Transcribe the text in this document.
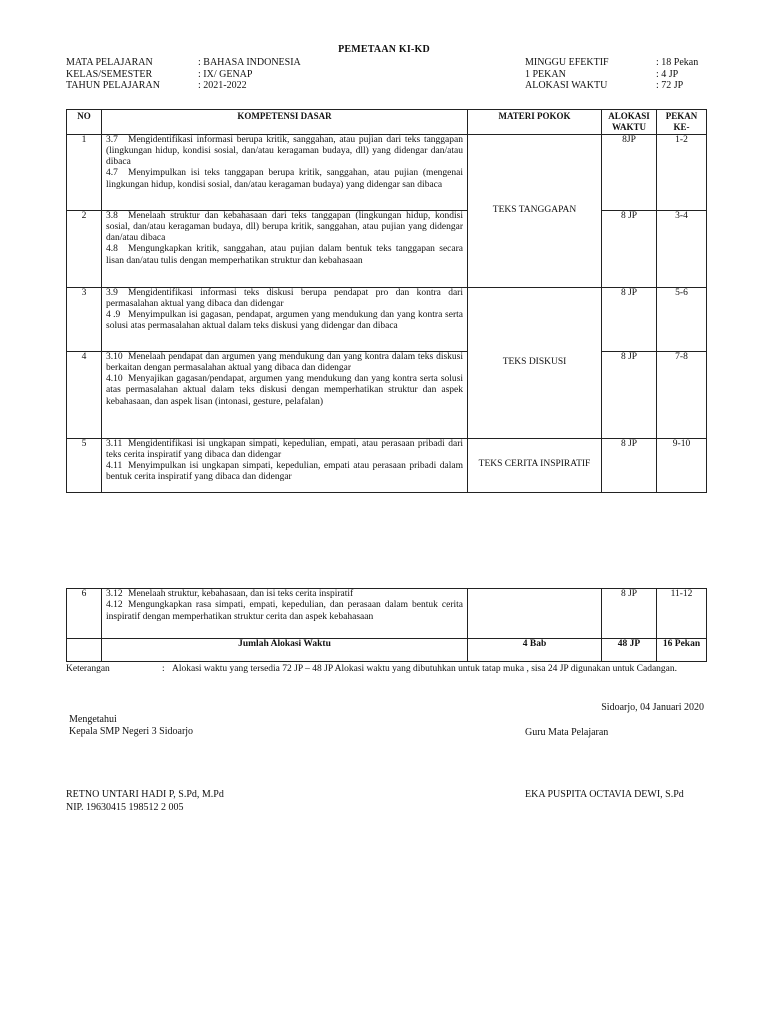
PEMETAAN KI-KD
MATA PELAJARAN	: BAHASA INDONESIA
KELAS/SEMESTER	: IX/ GENAP
TAHUN PELAJARAN	: 2021-2022
MINGGU EFEKTIF	: 18 Pekan
1 PEKAN	: 4 JP
ALOKASI WAKTU	: 72 JP
NO	KOMPETENSI DASAR	MATERI POKOK	ALOKASI WAKTU	PEKAN KE-
1	3.7 Mengidentifikasi informasi berupa kritik, sanggahan, atau pujian dari teks tanggapan (lingkungan hidup, kondisi sosial, dan/atau keragaman budaya, dll) yang didengar dan/atau dibaca
4.7 Menyimpulkan isi teks tanggapan berupa kritik, sanggahan, atau pujian (mengenai lingkungan hidup, kondisi sosial, dan/atau keragaman budaya) yang didengar san dibaca	TEKS TANGGAPAN	8JP	1-2
2	3.8 Menelaah struktur dan kebahasaan dari teks tanggapan (lingkungan hidup, kondisi sosial, dan/atau keragaman budaya, dll) berupa kritik, sanggahan, atau pujian yang didengar dan/atau dibaca
4.8 Mengungkapkan kritik, sanggahan, atau pujian dalam bentuk teks tanggapan secara lisan dan/atau tulis dengan memperhatikan struktur dan kebahasaan		8 JP	3-4
3	3.9 Mengidentifikasi informasi teks diskusi berupa pendapat pro dan kontra dari permasalahan aktual yang dibaca dan didengar
4 .9 Menyimpulkan isi gagasan, pendapat, argumen yang mendukung dan yang kontra serta solusi atas permasalahan aktual dalam teks diskusi yang didengar dan dibaca	TEKS DISKUSI	8 JP	5-6
4	3.10 Menelaah pendapat dan argumen yang mendukung dan yang kontra dalam teks diskusi berkaitan dengan permasalahan aktual yang dibaca dan didengar
4.10 Menyajikan gagasan/pendapat, argumen yang mendukung dan yang kontra serta solusi atas permasalahan aktual dalam teks diskusi dengan memperhatikan struktur dan aspek kebahasaan, dan aspek lisan (intonasi, gesture, pelafalan)		8 JP	7-8
5	3.11 Mengidentifikasi isi ungkapan simpati, kepedulian, empati, atau perasaan pribadi dari teks cerita inspiratif yang dibaca dan didengar
4.11 Menyimpulkan isi ungkapan simpati, kepedulian, empati atau perasaan pribadi dalam bentuk cerita inspiratif yang dibaca dan didengar	TEKS CERITA INSPIRATIF	8 JP	9-10
6	3.12 Menelaah struktur, kebahasaan, dan isi teks cerita inspiratif
4.12 Mengungkapkan rasa simpati, empati, kepedulian, dan perasaan dalam bentuk cerita inspiratif dengan memperhatikan struktur cerita dan aspek kebahasaan		8 JP	11-12
	Jumlah Alokasi Waktu	4 Bab	48 JP	16 Pekan
Keterangan	: Alokasi waktu yang tersedia 72 JP – 48 JP Alokasi waktu yang dibutuhkan untuk tatap muka , sisa 24 JP digunakan untuk Cadangan.
Sidoarjo, 04 Januari 2020
Mengetahui
Kepala SMP Negeri 3 Sidoarjo	Guru Mata Pelajaran
RETNO UNTARI HADI P, S.Pd, M.Pd
NIP. 19630415 198512 2 005
EKA PUSPITA OCTAVIA DEWI, S.Pd
